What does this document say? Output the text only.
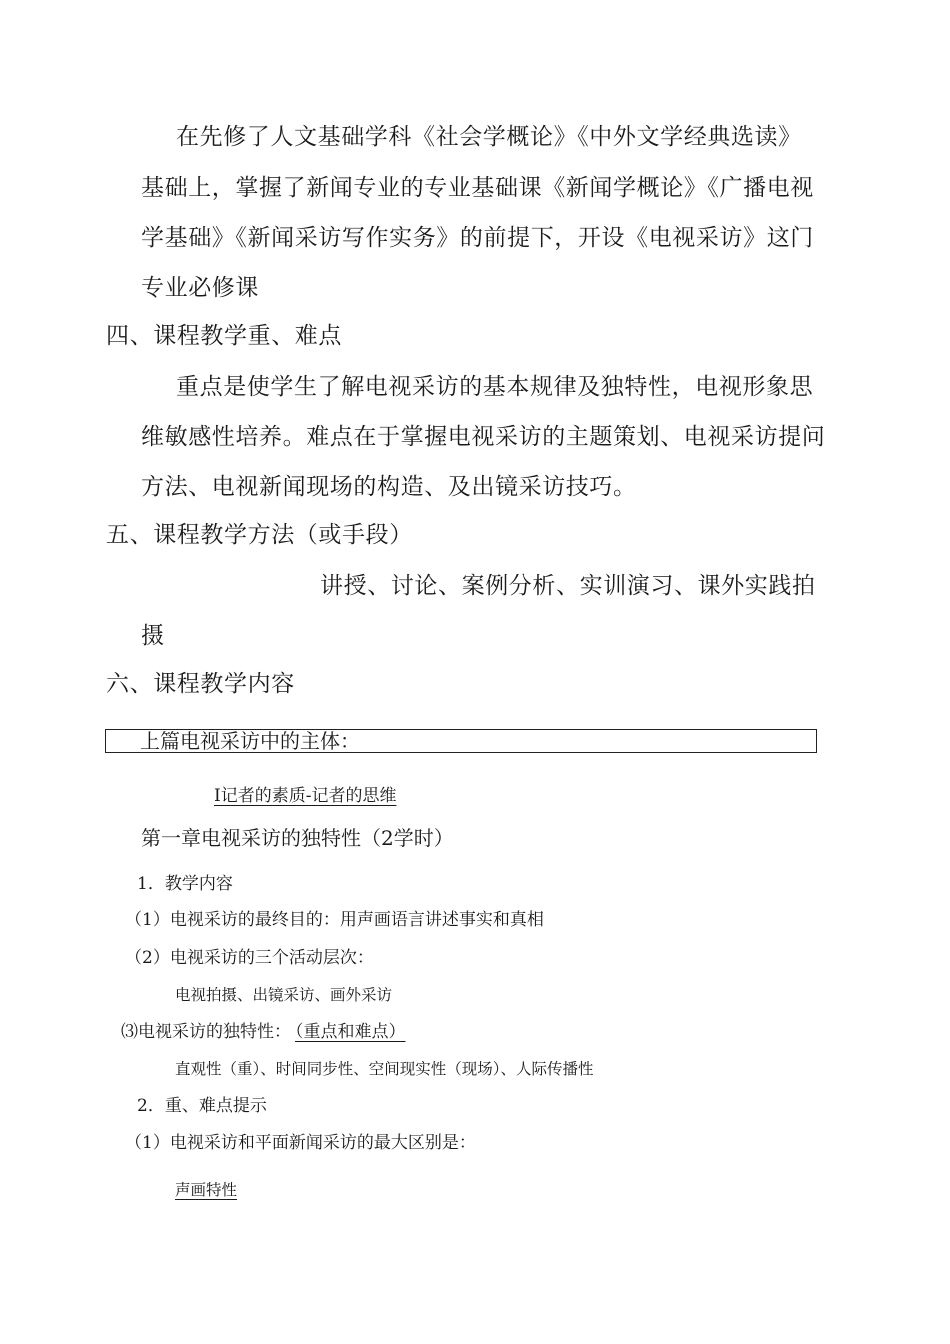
在先修了人文基础学科《社会学概论》《中外文学经典选读》
基础上，掌握了新闻专业的专业基础课《新闻学概论》《广播电视
学基础》《新闻采访写作实务》的前提下，开设《电视采访》这门
专业必修课
四、课程教学重、难点
重点是使学生了解电视采访的基本规律及独特性，电视形象思
维敏感性培养。难点在于掌握电视采访的主题策划、电视采访提问
方法、电视新闻现场的构造、及出镜采访技巧。
五、课程教学方法（或手段）
讲授、讨论、案例分析、实训演习、课外实践拍
摄
六、课程教学内容
上篇电视采访中的主体：
I记者的素质-记者的思维
第一章电视采访的独特性（2学时）
1．教学内容
（1）电视采访的最终目的：用声画语言讲述事实和真相
（2）电视采访的三个活动层次：
电视拍摄、出镜采访、画外采访
⑶电视采访的独特性： （重点和难点）
直观性（重）、时间同步性、空间现实性（现场）、人际传播性
2．重、难点提示
（1）电视采访和平面新闻采访的最大区别是：
声画特性
